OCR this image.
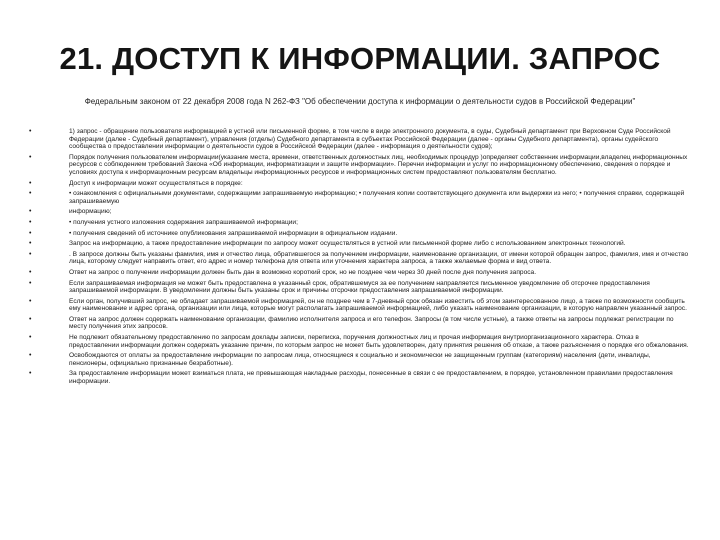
21. ДОСТУП К ИНФОРМАЦИИ. ЗАПРОС
Федеральным законом от 22 декабря 2008 года N 262-ФЗ "Об обеспечении доступа к информации о деятельности судов в Российской Федерации"
•	1) запрос - обращение пользователя информацией в устной или письменной форме, в том числе в виде электронного документа, в суды, Судебный департамент при Верховном Суде Российской Федерации (далее - Судебный департамент), управления (отделы) Судебного департамента в субъектах Российской Федерации (далее - органы Судебного департамента), органы судейского сообщества о предоставлении информации о деятельности судов в Российской Федерации (далее - информация о деятельности судов);
•	Порядок получения пользователем информации(указание места, времени, ответственных должностных лиц, необходимых процедур )определяет собственник информации,владелец информационных ресурсов с соблюдением требований Закона «Об информации, информатизации и защите информации». Перечни информации и услуг по информационному обеспечению, сведения о порядке и условиях доступа к информационным ресурсам владельцы информационных ресурсов и информационных систем предоставляют пользователям бесплатно.
•	Доступ к информации может осуществляться в порядке:
•	• ознакомления с официальными документами, содержащими запрашиваемую информацию; • получения копии соответствующего документа или выдержки из него; • получения справки, содержащей запрашиваемую
•	информацию;
•	• получения устного изложения содержания запрашиваемой информации;
•	• получения сведений об источнике опубликования запрашиваемой информации в официальном издании.
•	Запрос на информацию, а также предоставление информации по запросу может осуществляться в устной или письменной форме либо с использованием электронных технологий.
•	. В запросе должны быть указаны фамилия, имя и отчество лица, обратившегося за получением информации, наименование организации, от имени которой обращен запрос, фамилия, имя и отчество лица, которому следует направить ответ, его адрес и номер телефона для ответа или уточнения характера запроса, а также желаемые форма и вид ответа.
•	Ответ на запрос о получении информации должен быть дан в возможно короткий срок, но не позднее чем через 30 дней после дня получения запроса.
•	Если запрашиваемая информация не может быть предоставлена в указанный срок, обратившемуся за ее получением направляется письменное уведомление об отсрочке предоставления запрашиваемой информации. В уведомлении должны быть указаны срок и причины отсрочки предоставления запрашиваемой информации.
•	Если орган, получивший запрос, не обладает запрашиваемой информацией, он не позднее чем в 7-дневный срок обязан известить об этом заинтересованное лицо, а также по возможности сообщить ему наименование и адрес органа, организации или лица, которые могут располагать запрашиваемой информацией, либо указать наименование организации, в которую направлен указанный запрос.
•	Ответ на запрос должен содержать наименование организации, фамилию исполнителя запроса и его телефон. Запросы (в том числе устные), а также ответы на запросы подлежат регистрации по месту получения этих запросов.
•	Не подлежит обязательному предоставлению по запросам доклады записки, переписка, поручения должностных лиц и прочая информация внутриорганизационного характера. Отказ в предоставлении информации должен содержать указание причин, по которым запрос не может быть удовлетворен, дату принятия решения об отказе, а также разъяснения о порядке его обжалования.
•	Освобождаются от оплаты за предоставление информации по запросам лица, относящиеся к социально и экономически не защищенным группам (категориям) населения (дети, инвалиды, пенсионеры, официально признанные безработные).
•	За предоставление информации может взиматься плата, не превышающая накладные расходы, понесенные в связи с ее предоставлением, в порядке, установленном правилами предоставления информации.
